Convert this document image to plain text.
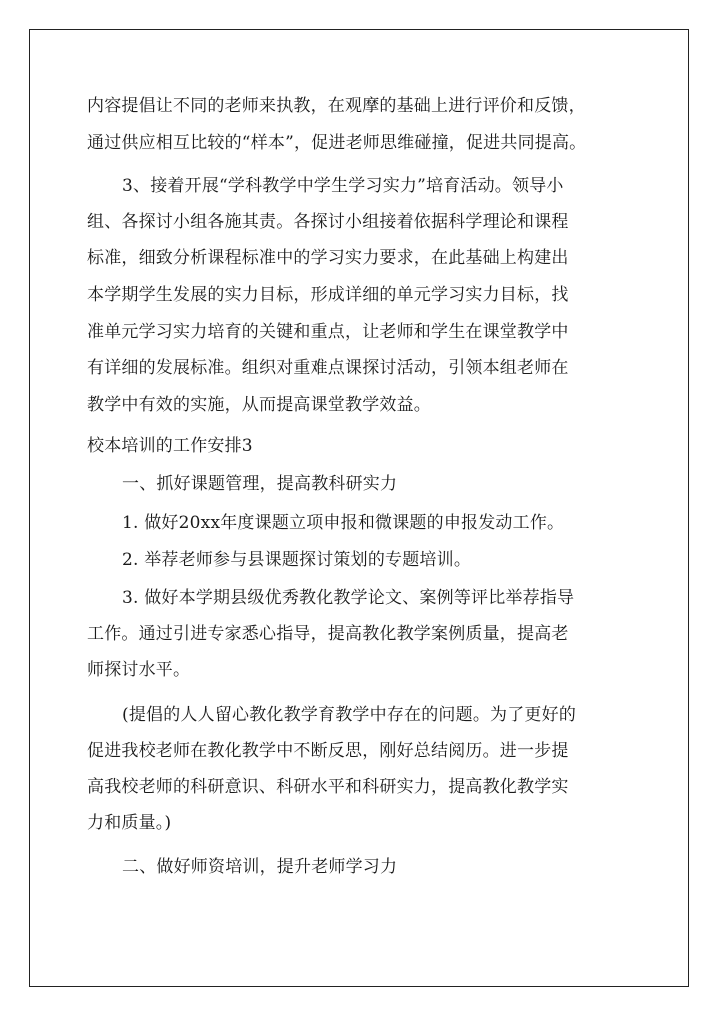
内容提倡让不同的老师来执教，在观摩的基础上进行评价和反馈，
通过供应相互比较的“样本”，促进老师思维碰撞，促进共同提高。
3、接着开展“学科教学中学生学习实力”培育活动。领导小
组、各探讨小组各施其责。各探讨小组接着依据科学理论和课程
标准，细致分析课程标准中的学习实力要求，在此基础上构建出
本学期学生发展的实力目标，形成详细的单元学习实力目标，找
准单元学习实力培育的关键和重点，让老师和学生在课堂教学中
有详细的发展标准。组织对重难点课探讨活动，引领本组老师在
教学中有效的实施，从而提高课堂教学效益。
校本培训的工作安排3
一、抓好课题管理，提高教科研实力
1. 做好20xx年度课题立项申报和微课题的申报发动工作。
2. 举荐老师参与县课题探讨策划的专题培训。
3. 做好本学期县级优秀教化教学论文、案例等评比举荐指导
工作。通过引进专家悉心指导，提高教化教学案例质量，提高老
师探讨水平。
(提倡的人人留心教化教学育教学中存在的问题。为了更好的
促进我校老师在教化教学中不断反思，刚好总结阅历。进一步提
高我校老师的科研意识、科研水平和科研实力，提高教化教学实
力和质量。)
二、做好师资培训，提升老师学习力
